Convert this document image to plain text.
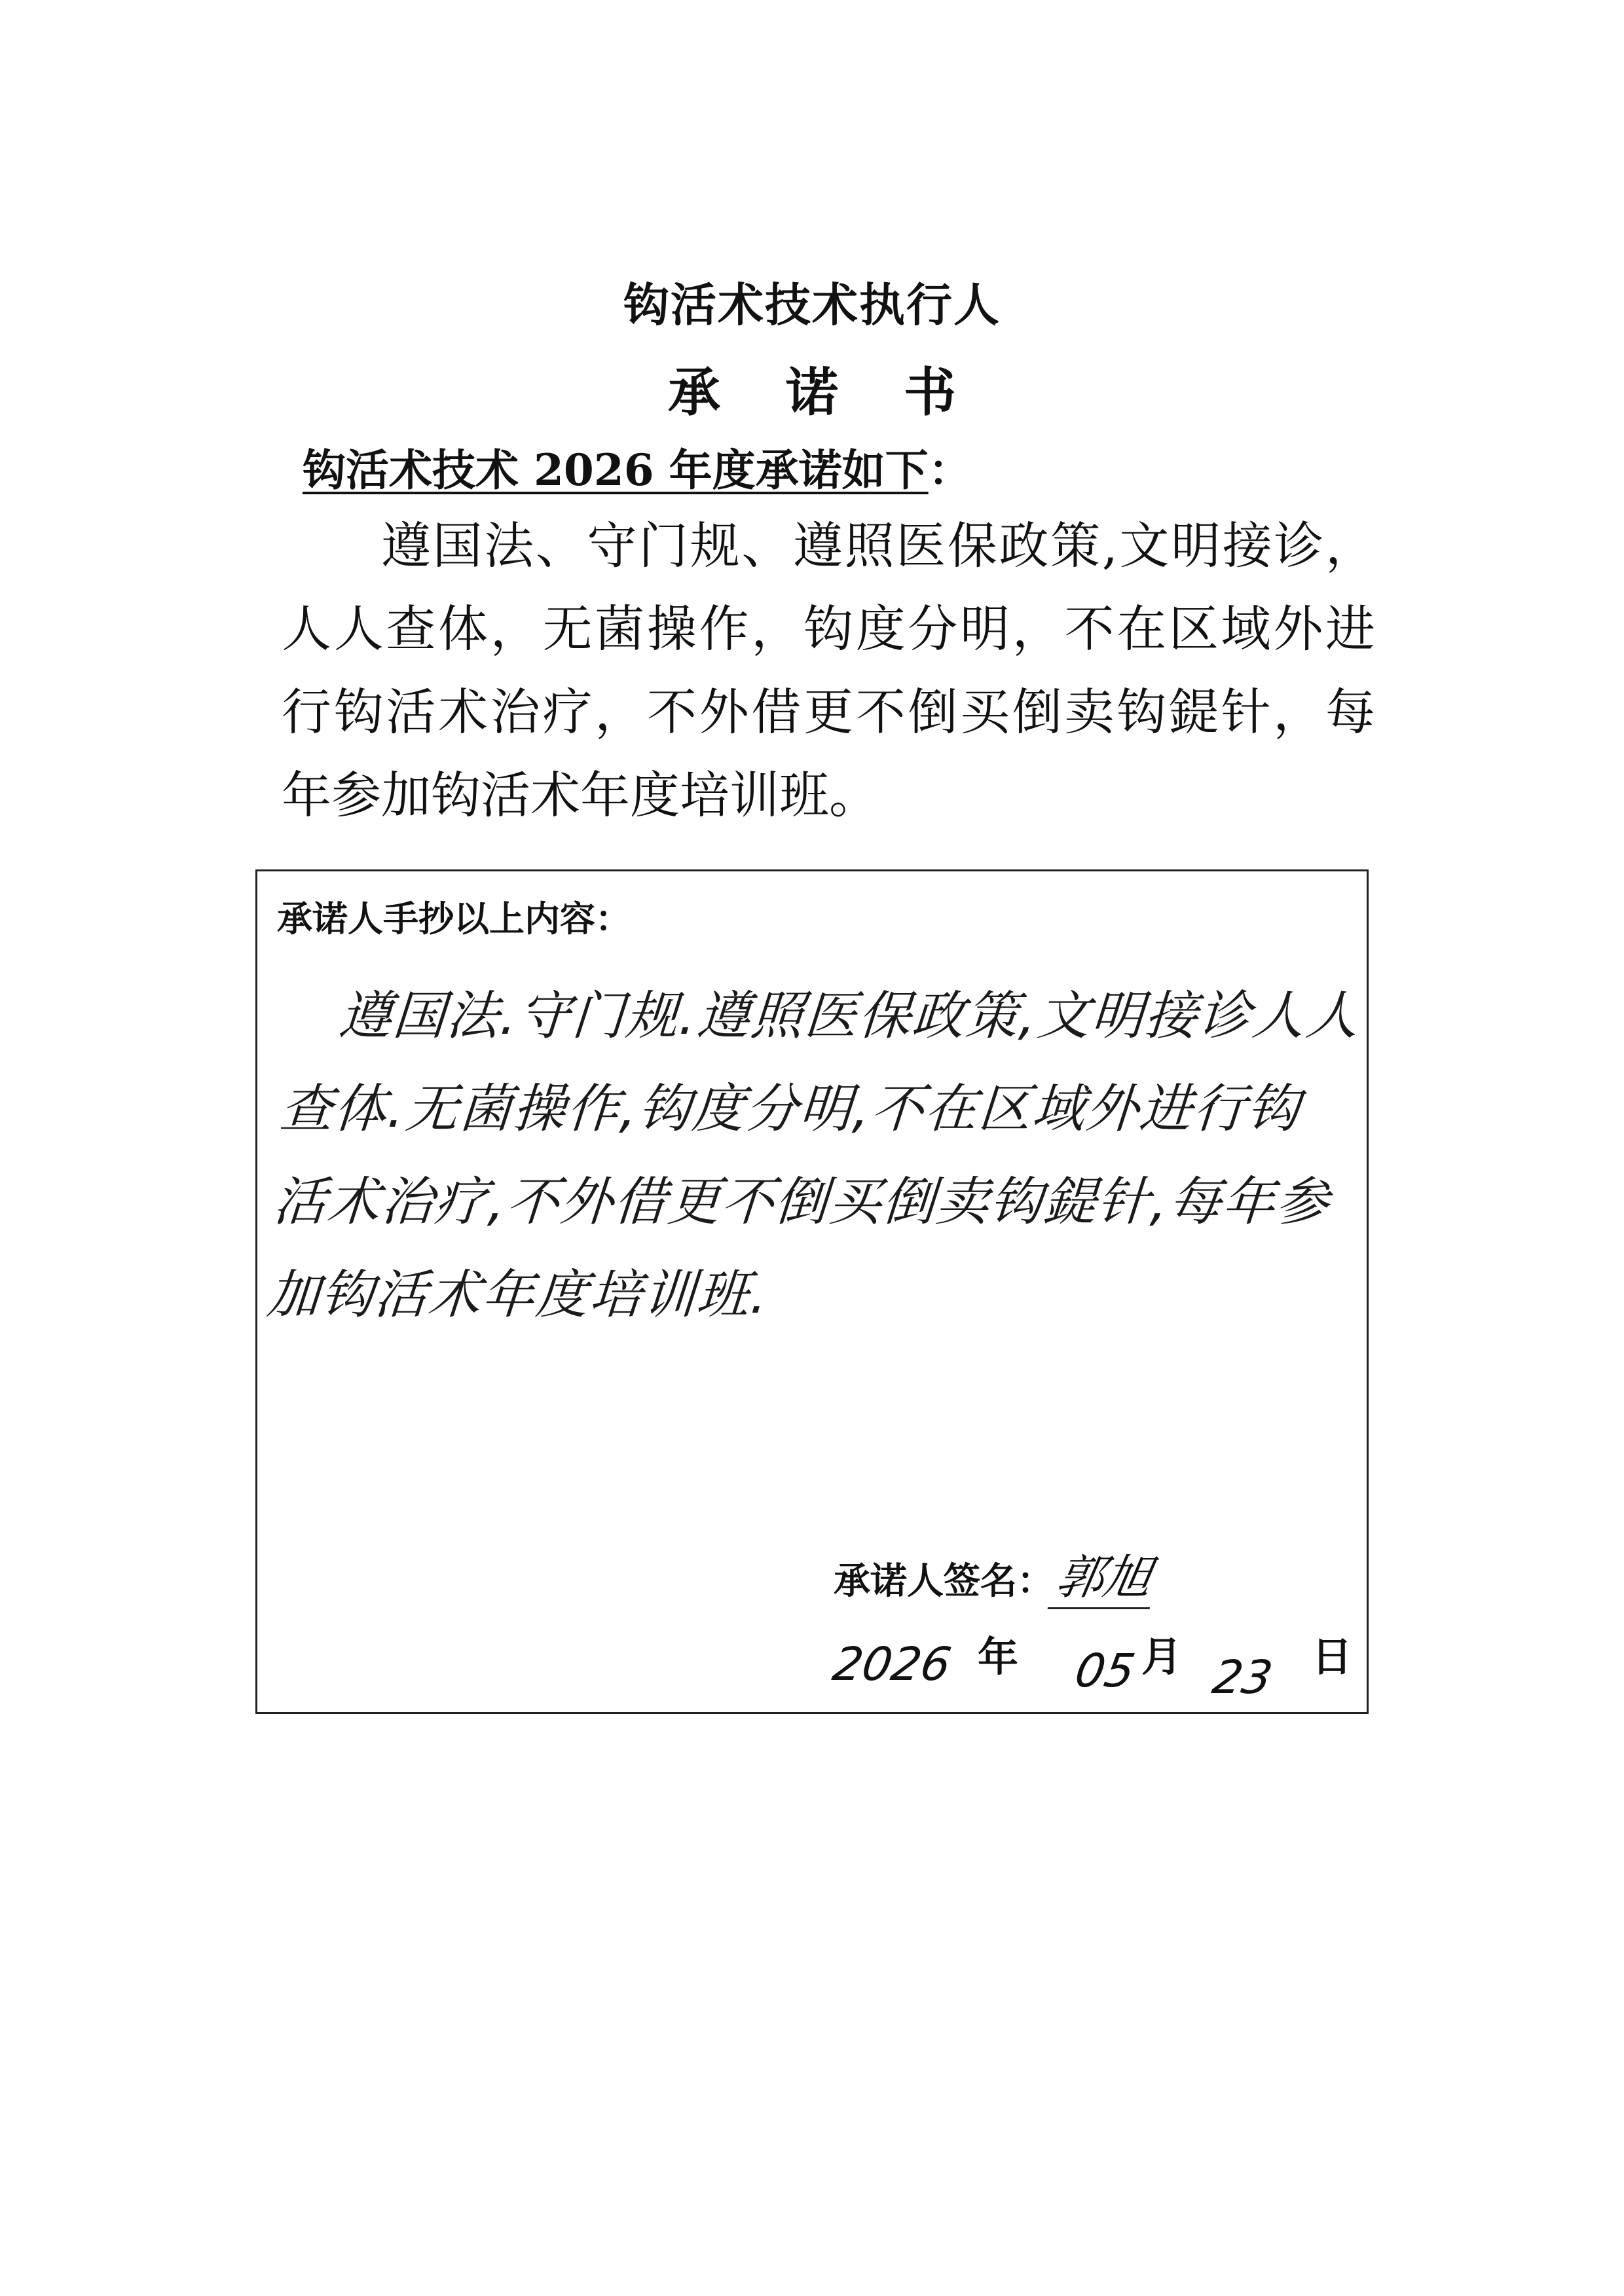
钩活术技术执行人
承诺书
钩活术技术 2026 年度承诺如下：
遵国法、守门规、遵照医保政策,文明接诊，人人查体，无菌操作，钩度分明，不在区域外进行钩活术治疗，不外借更不倒买倒卖钩鍉针，每年参加钩活术年度培训班。
承诺人手抄以上内容：
遵国法.守门规.遵照医保政策,文明接诊人人查体.无菌操作,钩度分明,不在区域外进行钩活术治疗,不外借更不倒买倒卖钩鍉针,每年参加钩活术年度培训班.
承诺人签名：郭旭
2026 年 05 月 23 日
